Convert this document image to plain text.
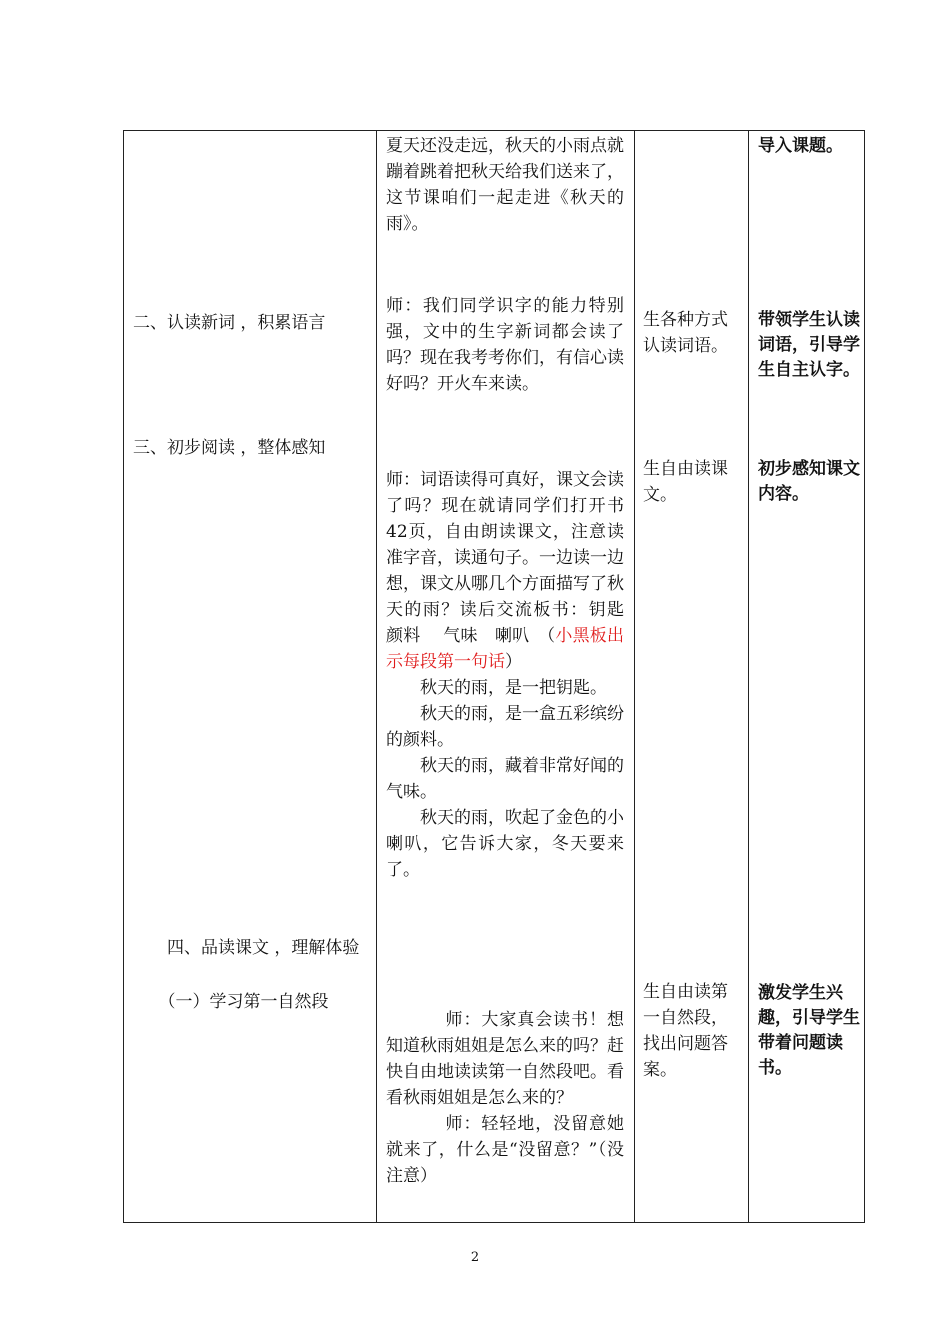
二、认读新词 ，积累语言
三、初步阅读 ，整体感知
四、品读课文 ，理解体验
（一）学习第一自然段
夏天还没走远，秋天的小雨点就蹦着跳着把秋天给我们送来了，这节课咱们一起走进《秋天的雨》。
师：我们同学识字的能力特别强，文中的生字新词都会读了吗？现在我考考你们，有信心读好吗？开火车来读。
师：词语读得可真好，课文会读了吗？现在就请同学们打开书42页，自由朗读课文，注意读准字音，读通句子。一边读一边想，课文从哪几个方面描写了秋天的雨？读后交流板书：钥匙　颜料　 气味　喇叭　（小黑板出示每段第一句话）
秋天的雨，是一把钥匙。
秋天的雨，是一盒五彩缤纷的颜料。
秋天的雨，藏着非常好闻的气味。
秋天的雨，吹起了金色的小喇叭，它告诉大家，冬天要来了。
师：大家真会读书！想知道秋雨姐姐是怎么来的吗？赶快自由地读读第一自然段吧。看看秋雨姐姐是怎么来的？
师：轻轻地，没留意她就来了，什么是“没留意？”（没注意）
生各种方式认读词语。
生自由读课文。
生自由读第一自然段，找出问题答案。
导入课题。
带领学生认读词语，引导学生自主认字。
初步感知课文内容。
激发学生兴趣，引导学生带着问题读书。
2
